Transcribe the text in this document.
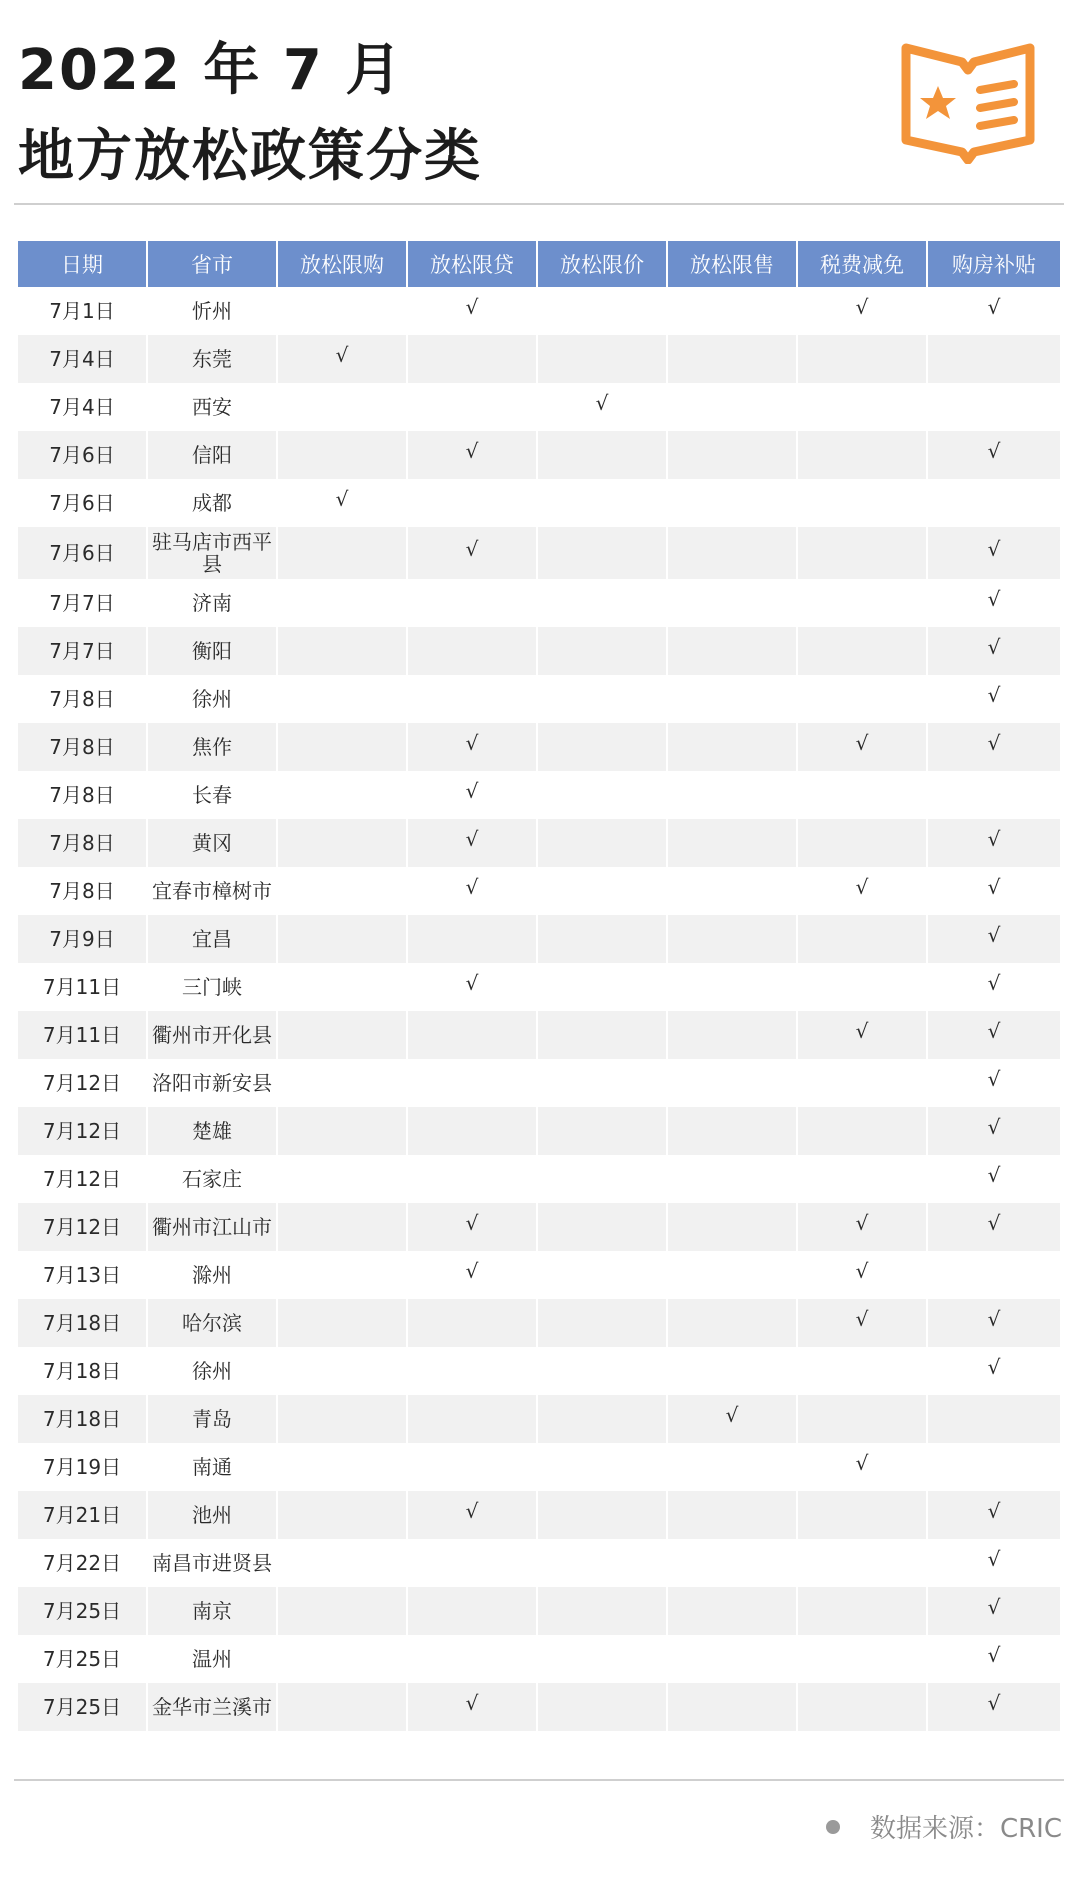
2022 年 7 月
地方放松政策分类
日期	省市	放松限购	放松限贷	放松限价	放松限售	税费减免	购房补贴
7月1日	忻州		√			√	√
7月4日	东莞	√					
7月4日	西安			√			
7月6日	信阳		√				√
7月6日	成都	√					
7月6日	驻马店市西平县		√				√
7月7日	济南						√
7月7日	衡阳						√
7月8日	徐州						√
7月8日	焦作		√			√	√
7月8日	长春		√				
7月8日	黄冈		√				√
7月8日	宜春市樟树市		√			√	√
7月9日	宜昌						√
7月11日	三门峡		√				√
7月11日	衢州市开化县					√	√
7月12日	洛阳市新安县						√
7月12日	楚雄						√
7月12日	石家庄						√
7月12日	衢州市江山市		√			√	√
7月13日	滁州		√			√	
7月18日	哈尔滨					√	√
7月18日	徐州						√
7月18日	青岛				√		
7月19日	南通					√	
7月21日	池州		√				√
7月22日	南昌市进贤县						√
7月25日	南京						√
7月25日	温州						√
7月25日	金华市兰溪市		√				√
数据来源：CRIC
